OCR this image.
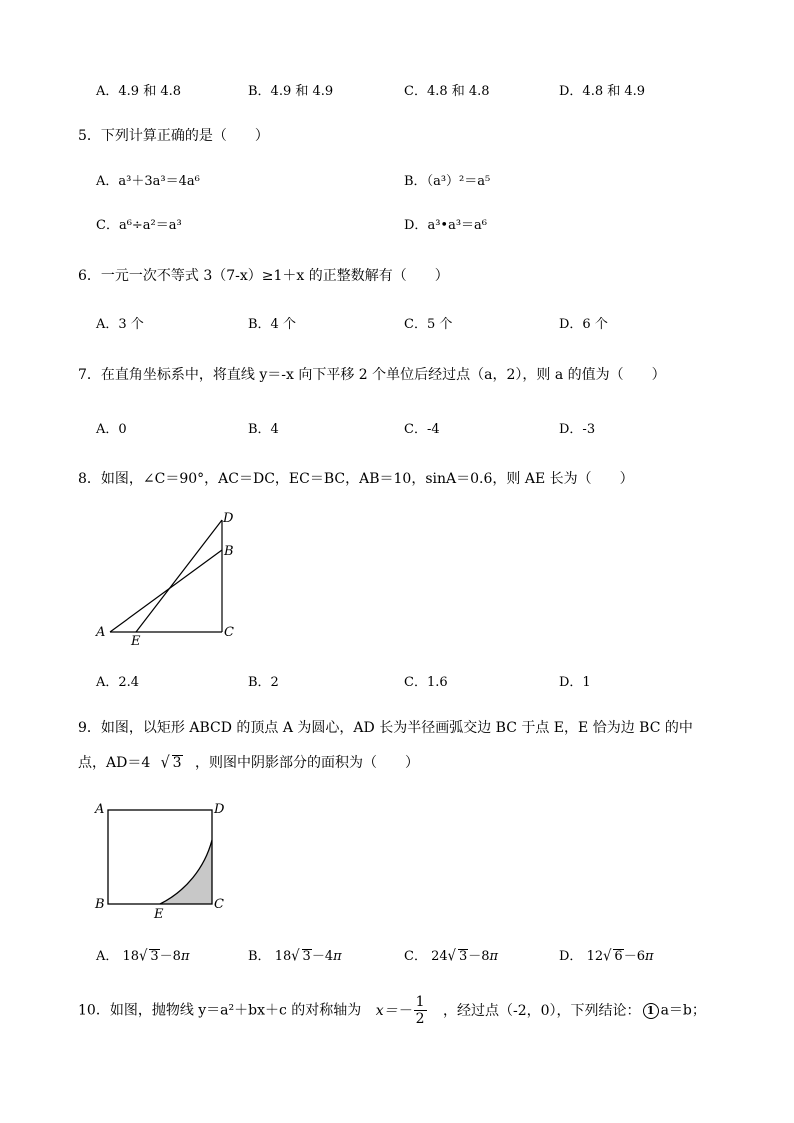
A．4.9 和 4.8	B．4.9 和 4.9	C．4.8 和 4.8	D．4.8 和 4.9
5．下列计算正确的是（　　）
A．a³＋3a³＝4a⁶	B．（a³）²＝a⁵
C．a⁶÷a²＝a³	D．a³•a³＝a⁶
6．一元一次不等式 3（7-x）≥1＋x 的正整数解有（　　）
A．3 个	B．4 个	C．5 个	D．6 个
7．在直角坐标系中，将直线 y＝-x 向下平移 2 个单位后经过点（a，2），则 a 的值为（　　）
A．0	B．4	C．-4	D．-3
8．如图，∠C＝90°，AC＝DC，EC＝BC，AB＝10，sinA＝0.6，则 AE 长为（　　）
D
B
A
E
C
A．2.4	B．2	C．1.6	D．1
9．如图，以矩形 ABCD 的顶点 A 为圆心，AD 长为半径画弧交边 BC 于点 E，E 恰为边 BC 的中
点，AD＝4 √ 3 ，则图中阴影部分的面积为（　　）
A	D
B
E
C
A． 18√ 3－8π	B． 18√ 3－4π	C． 24√ 3－8π	D． 12√ 6－6π
10．如图，抛物线 y＝a²＋bx＋c 的对称轴为 $x=- \frac{1}{2}$ ，经过点（-2，0），下列结论： 1 a＝b；
